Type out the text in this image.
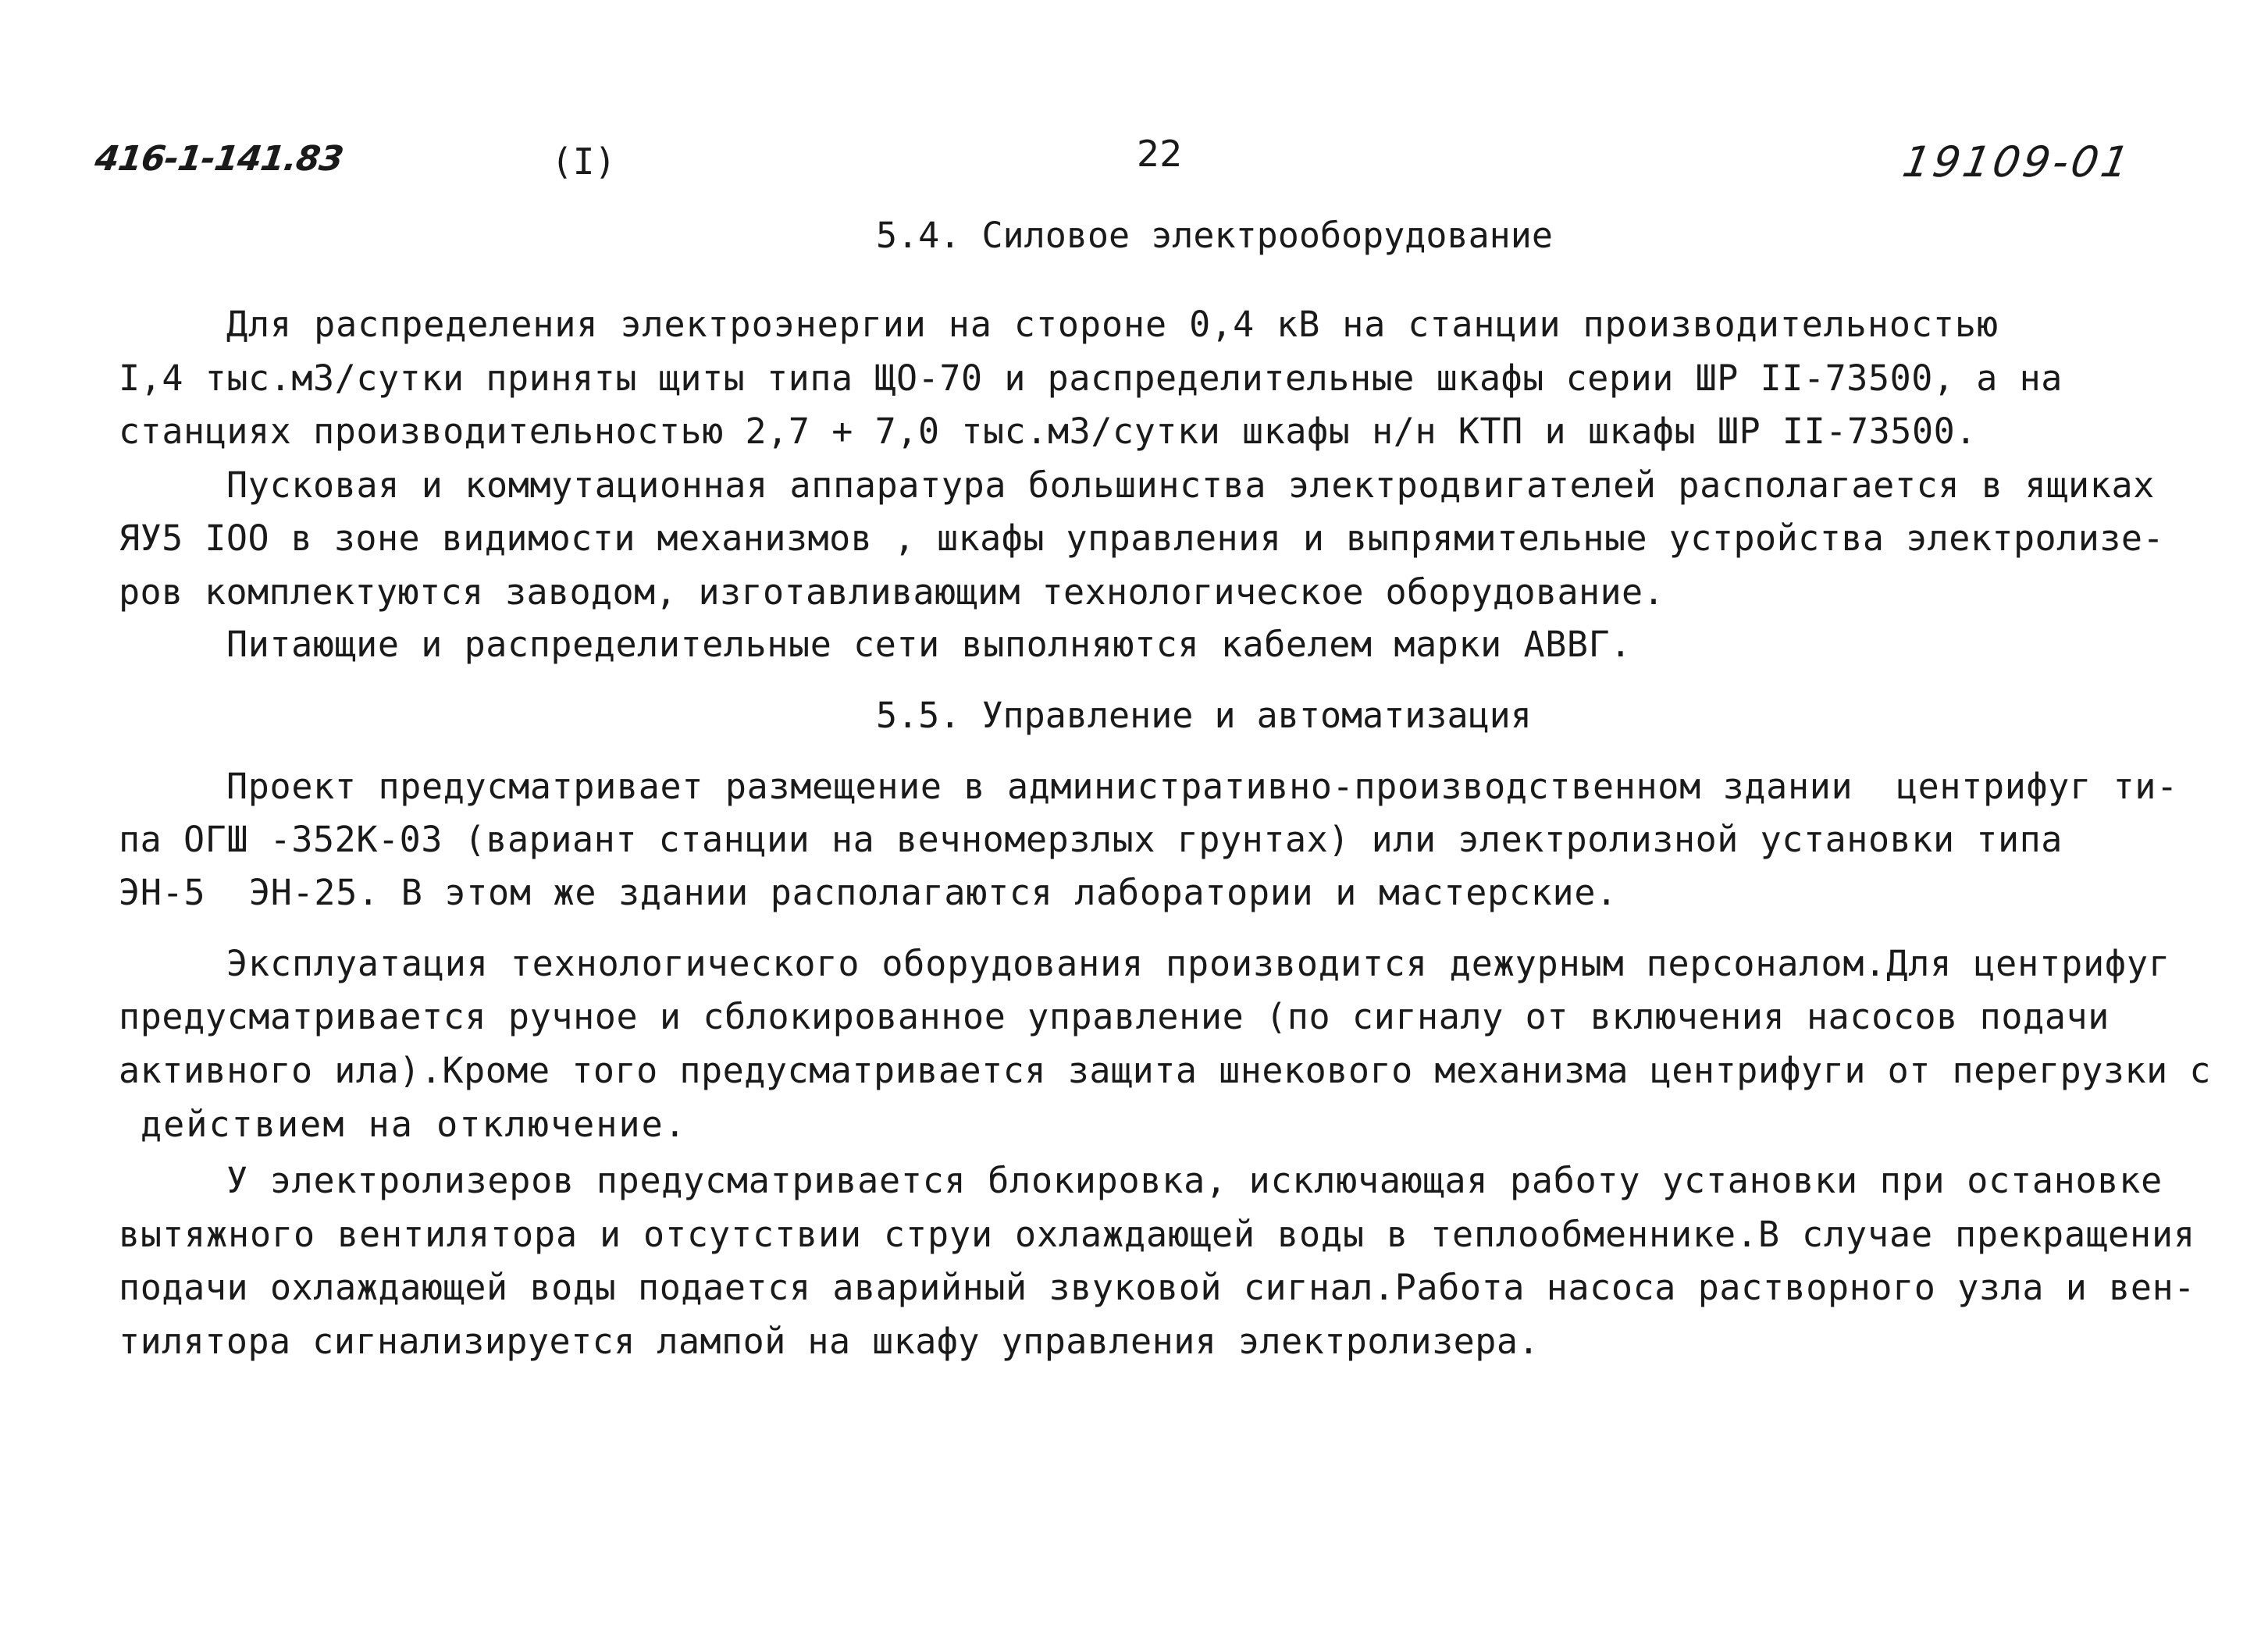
416-1-141.83	(I)	22	19109-01
5.4. Силовое электрооборудование
Для распределения электроэнергии на стороне 0,4 кВ на станции производительностью
I,4 тыс.м3/сутки приняты щиты типа ЩО-70 и распределительные шкафы серии ШР II-73500, а на
станциях производительностью 2,7 + 7,0 тыс.м3/сутки шкафы н/н КТП и шкафы ШР II-73500.
Пусковая и коммутационная аппаратура большинства электродвигателей располагается в ящиках
ЯУ5 IOO в зоне видимости механизмов , шкафы управления и выпрямительные устройства электролизе-
ров комплектуются заводом, изготавливающим технологическое оборудование.
Питающие и распределительные сети выполняются кабелем марки АВВГ.
5.5. Управление и автоматизация
Проект предусматривает размещение в административно-производственном здании  центрифуг ти-
па ОГШ -352К-03 (вариант станции на вечномерзлых грунтах) или электролизной установки типа
ЭН-5  ЭН-25. В этом же здании располагаются лаборатории и мастерские.
Эксплуатация технологического оборудования производится дежурным персоналом.Для центрифуг
предусматривается ручное и сблокированное управление (по сигналу от включения насосов подачи
активного ила).Кроме того предусматривается защита шнекового механизма центрифуги от перегрузки с
действием на отключение.
У электролизеров предусматривается блокировка, исключающая работу установки при остановке
вытяжного вентилятора и отсутствии струи охлаждающей воды в теплообменнике.В случае прекращения
подачи охлаждающей воды подается аварийный звуковой сигнал.Работа насоса растворного узла и вен-
тилятора сигнализируется лампой на шкафу управления электролизера.
